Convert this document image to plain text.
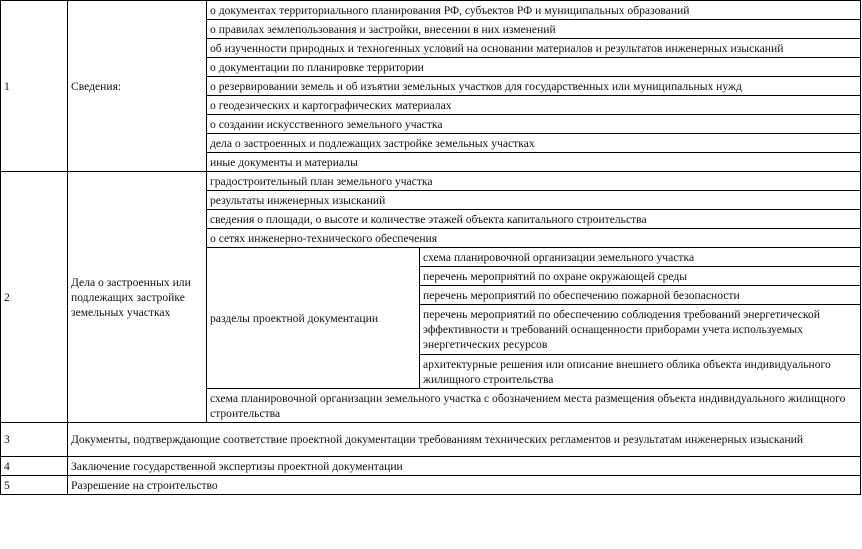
1	Сведения:	о документах территориального планирования РФ, субъектов РФ и муниципальных образований	
		о правилах землепользования и застройки, внесении в них изменений	
		об изученности природных и техногенных условий на основании материалов и результатов инженерных изысканий	
		о документации по планировке территории	
		о резервировании земель и об изъятии земельных участков для государственных или муниципальных нужд	
		о геодезических и картографических материалах	
		о создании искусственного земельного участка	
		дела о застроенных и подлежащих застройке земельных участках	
		иные документы и материалы	
2	Дела о застроенных или подлежащих застройке земельных участках	градостроительный план земельного участка	
		результаты инженерных изысканий	
		сведения о площади, о высоте и количестве этажей объекта капитального строительства	
		о сетях инженерно-технического обеспечения	
		разделы проектной документации	схема планировочной организации земельного участка
			перечень мероприятий по охране окружающей среды
			перечень мероприятий по обеспечению пожарной безопасности
			перечень мероприятий по обеспечению соблюдения требований энергетической эффективности и требований оснащенности приборами учета используемых энергетических ресурсов
			архитектурные решения или описание внешнего облика объекта индивидуального жилищного строительства
		схема планировочной организации земельного участка с обозначением места размещения объекта индивидуального жилищного строительства	
3	Документы, подтверждающие соответствие проектной документации требованиям технических регламентов и результатам инженерных изысканий		
4	Заключение государственной экспертизы проектной документации		
5	Разрешение на строительство		
